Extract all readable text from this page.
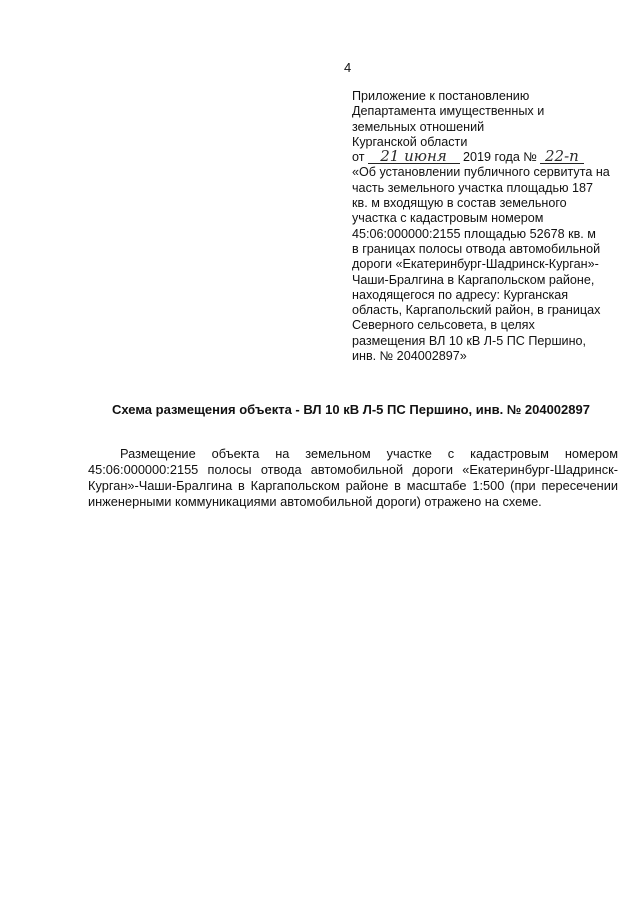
4
Приложение к постановлению
Департамента имущественных и
земельных отношений
Курганской области
от 21 июня 2019 года № 22-п
«Об установлении публичного сервитута на
часть земельного участка площадью 187
кв. м входящую в состав земельного
участка с кадастровым номером
45:06:000000:2155 площадью 52678 кв. м
в границах полосы отвода автомобильной
дороги «Екатеринбург-Шадринск-Курган»-
Чаши-Бралгина в Каргапольском районе,
находящегося по адресу: Курганская
область, Каргапольский район, в границах
Северного сельсовета, в целях
размещения ВЛ 10 кВ Л-5 ПС Першино,
инв. № 204002897»
Схема размещения объекта - ВЛ 10 кВ Л-5 ПС Першино, инв. № 204002897
Размещение объекта на земельном участке с кадастровым номером
45:06:000000:2155 полосы отвода автомобильной дороги «Екатеринбург-Шадринск-
Курган»-Чаши-Бралгина в Каргапольском районе в масштабе 1:500 (при пересечении
инженерными коммуникациями автомобильной дороги) отражено на схеме.
